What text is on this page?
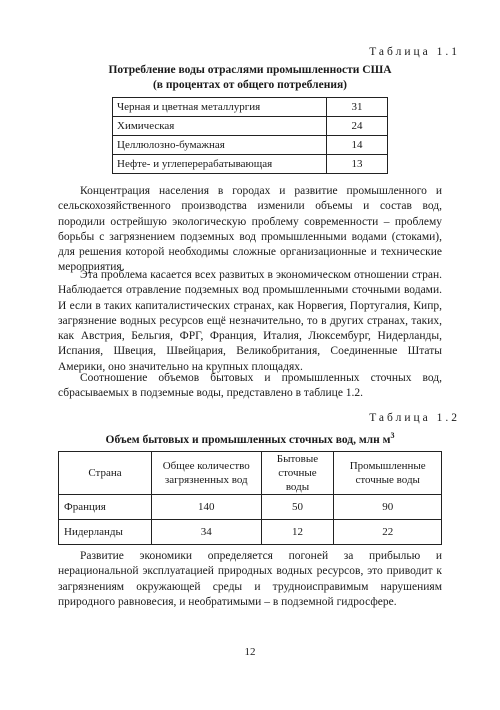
Таблица 1.1
Потребление воды отраслями промышленности США
(в процентах от общего потребления)
Черная и цветная металлургия	31
Химическая	24
Целлюлозно-бумажная	14
Нефте- и углеперерабатывающая	13

Концентрация населения в городах и развитие промышленного и сельскохозяйственного производства изменили объемы и состав вод, породили острейшую экологическую проблему современности – проблему борьбы с загрязнением подземных вод промышленными водами (стоками), для решения которой необходимы сложные организационные и технические мероприятия.

Эта проблема касается всех развитых в экономическом отношении стран. Наблюдается отравление подземных вод промышленными сточными водами. И если в таких капиталистических странах, как Норвегия, Португалия, Кипр, загрязнение водных ресурсов ещё незначительно, то в других странах, таких, как Австрия, Бельгия, ФРГ, Франция, Италия, Люксембург, Нидерланды, Испания, Швеция, Швейцария, Великобритания, Соединенные Штаты Америки, оно значительно на крупных площадях.

Соотношение объемов бытовых и промышленных сточных вод, сбрасываемых в подземные воды, представлено в таблице 1.2.

Таблица 1.2
Объем бытовых и промышленных сточных вод, млн $м^3$
Страна	Общее количество загрязненных вод	Бытовые сточные воды	Промышленные сточные воды
Франция	140	50	90
Нидерланды	34	12	22

Развитие экономики определяется погоней за прибылью и нерациональной эксплуатацией природных водных ресурсов, это приводит к загрязнениям окружающей среды и трудноисправимым нарушениям природного равновесия, и необратимыми – в подземной гидросфере.

12
